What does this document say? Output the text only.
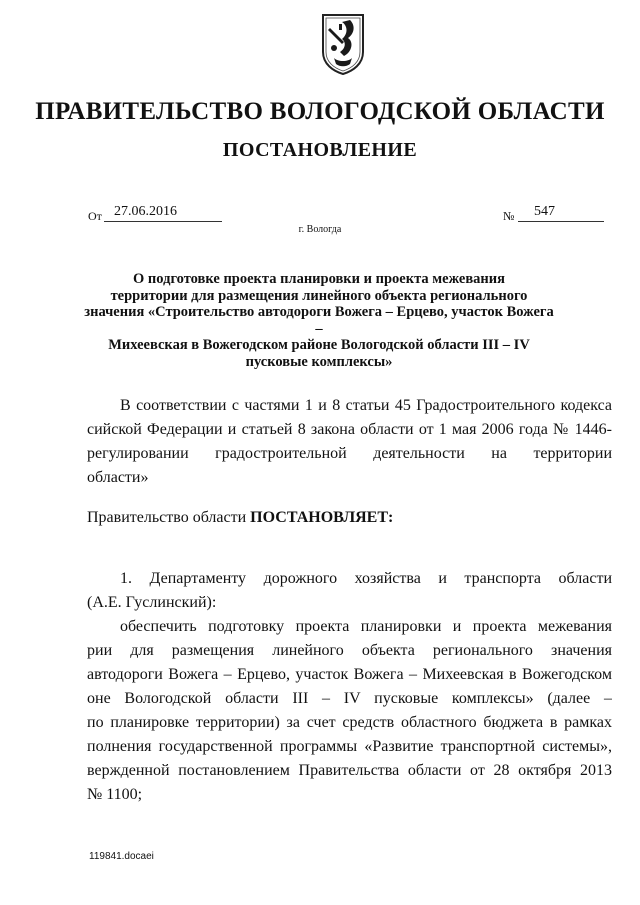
ПРАВИТЕЛЬСТВО ВОЛОГОДСКОЙ ОБЛАСТИ
ПОСТАНОВЛЕНИЕ
От 27.06.2016	№	547
г. Вологда
О подготовке проекта планировки и проекта межевания
территории для размещения линейного объекта регионального
значения «Строительство автодороги Вожега – Ерцево, участок Вожега –
Михеевская в Вожегодском районе Вологодской области III – IV
пусковые комплексы»
В соответствии с частями 1 и 8 статьи 45 Градостроительного кодекса
сийской Федерации и статьей 8 закона области от 1 мая 2006 года № 1446-
регулировании градостроительной деятельности на территории
области»
Правительство области ПОСТАНОВЛЯЕТ:
1. Департаменту дорожного хозяйства и транспорта области
(А.Е. Гуслинский):
обеспечить подготовку проекта планировки и проекта межевания
рии для размещения линейного объекта регионального значения
автодороги Вожега – Ерцево, участок Вожега – Михеевская в Вожегодском
оне Вологодской области III – IV пусковые комплексы» (далее –
по планировке территории) за счет средств областного бюджета в рамках
полнения государственной программы «Развитие транспортной системы»,
вержденной постановлением Правительства области от 28 октября 2013
№ 1100;
119841.docaei
